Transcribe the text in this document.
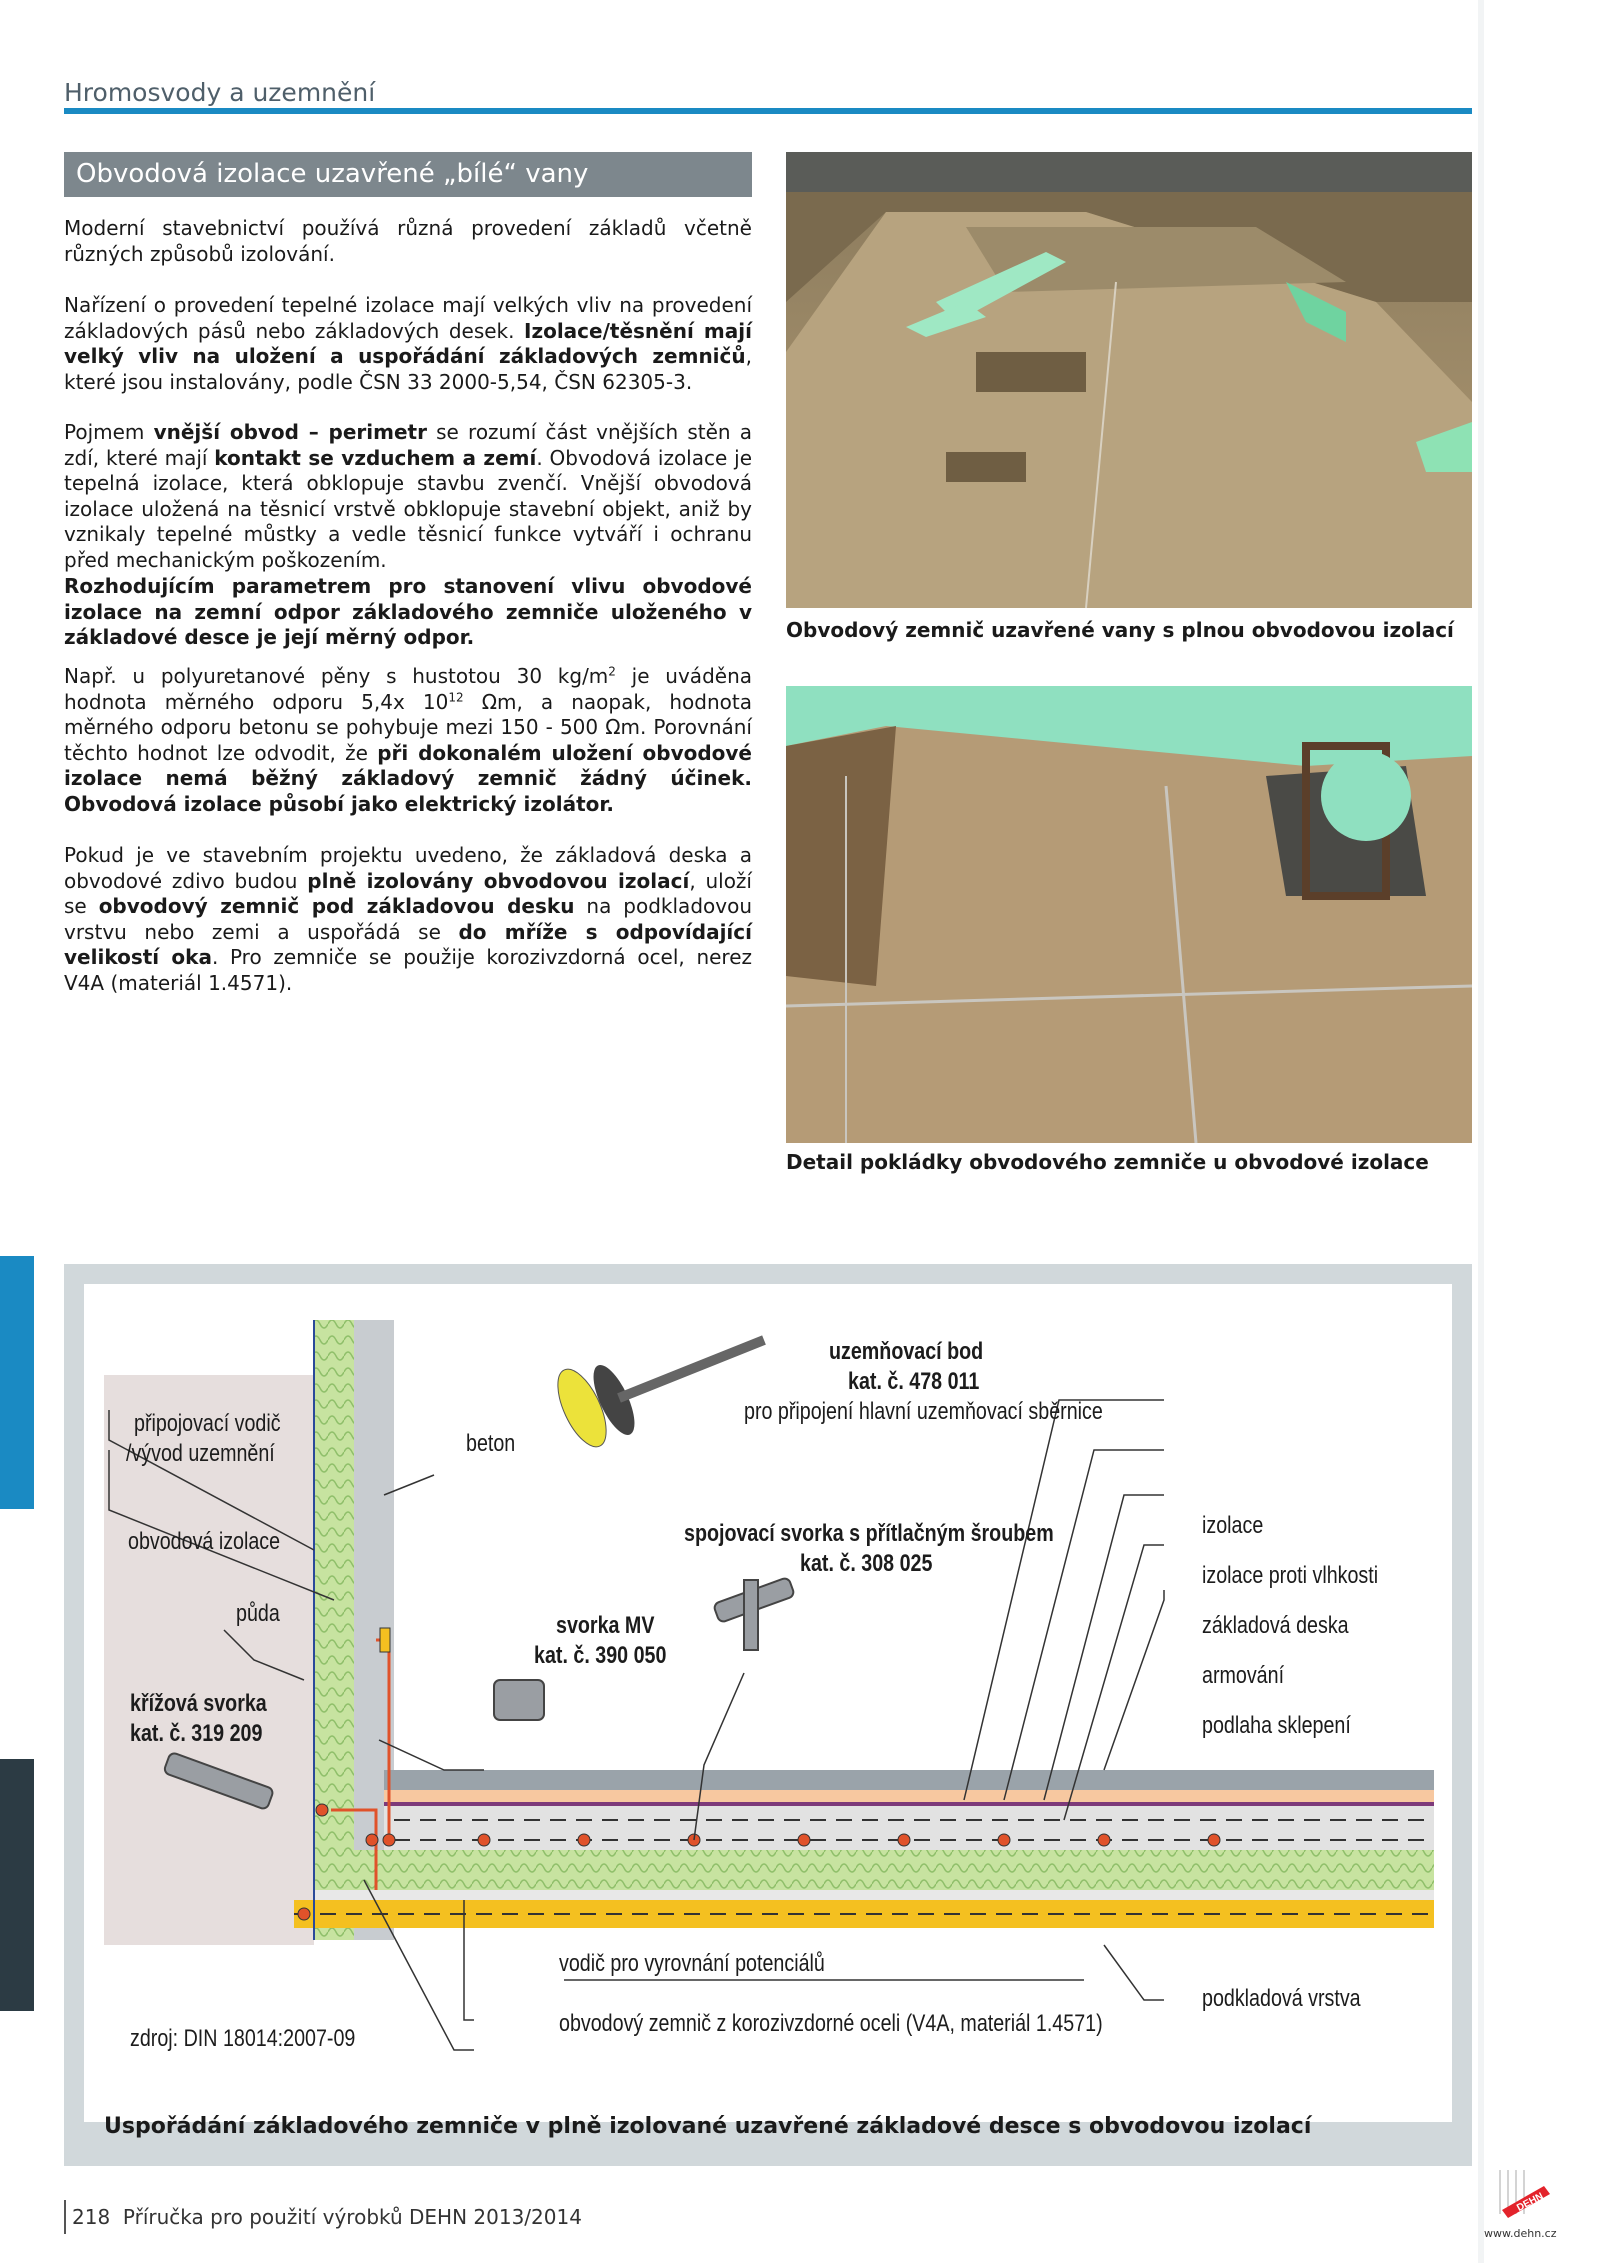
Hromosvody a uzemnění
Obvodová izolace uzavřené „bílé“ vany
Moderní stavebnictví používá různá provedení základů včetně různých způsobů izolování.
Nařízení o provedení tepelné izolace mají velkých vliv na provedení základových pásů nebo základových desek. Izolace/těsnění mají velký vliv na uložení a uspořádání základových zemničů, které jsou instalovány, podle ČSN 33 2000-5,54, ČSN 62305-3.
Pojmem vnější obvod – perimetr se rozumí část vnějších stěn a zdí, které mají kontakt se vzduchem a zemí. Obvodová izolace je tepelná izolace, která obklopuje stavbu zvenčí. Vnější obvodová izolace uložená na těsnicí vrstvě obklopuje stavební objekt, aniž by vznikaly tepelné můstky a vedle těsnicí funkce vytváří i ochranu před mechanickým poškozením.
Rozhodujícím parametrem pro stanovení vlivu obvodové izolace na zemní odpor základového zemniče uloženého v základové desce je její měrný odpor.
Např. u polyuretanové pěny s hustotou 30 $kg/m^2$ je uváděna hodnota měrného odporu 5,4x $10^{12}$ Ωm, a naopak, hodnota měrného odporu betonu se pohybuje mezi 150 - 500 Ωm. Porovnání těchto hodnot lze odvodit, že při dokonalém uložení obvodové izolace nemá běžný základový zemnič žádný účinek. Obvodová izolace působí jako elektrický izolátor.
Pokud je ve stavebním projektu uvedeno, že základová deska a obvodové zdivo budou plně izolovány obvodovou izolací, uloží se obvodový zemnič pod základovou desku na podkladovou vrstvu nebo zemi a uspořádá se do mříže s odpovídající velikostí oka. Pro zemniče se použije korozivzdorná ocel, nerez V4A (materiál 1.4571).
Obvodový zemnič uzavřené vany s plnou obvodovou izolací
Detail pokládky obvodového zemniče u obvodové izolace
uzemňovací bod
kat. č. 478 011
pro připojení hlavní uzemňovací sběrnice
připojovací vodič
/vývod uzemnění	beton
spojovací svorka s přítlačným šroubem
kat. č. 308 025
obvodová izolace
půda	svorka MV
kat. č. 390 050
křížová svorka
kat. č. 319 209
izolace
izolace proti vlhkosti
základová deska
armování
podlaha sklepení
vodič pro vyrovnání potenciálů
obvodový zemnič z korozivzdorné oceli (V4A, materiál 1.4571)
podkladová vrstva
zdroj: DIN 18014:2007-09
Uspořádání základového zemniče v plně izolované uzavřené základové desce s obvodovou izolací
218 Příručka pro použití výrobků DEHN 2013/2014
DEHN
www.dehn.cz
